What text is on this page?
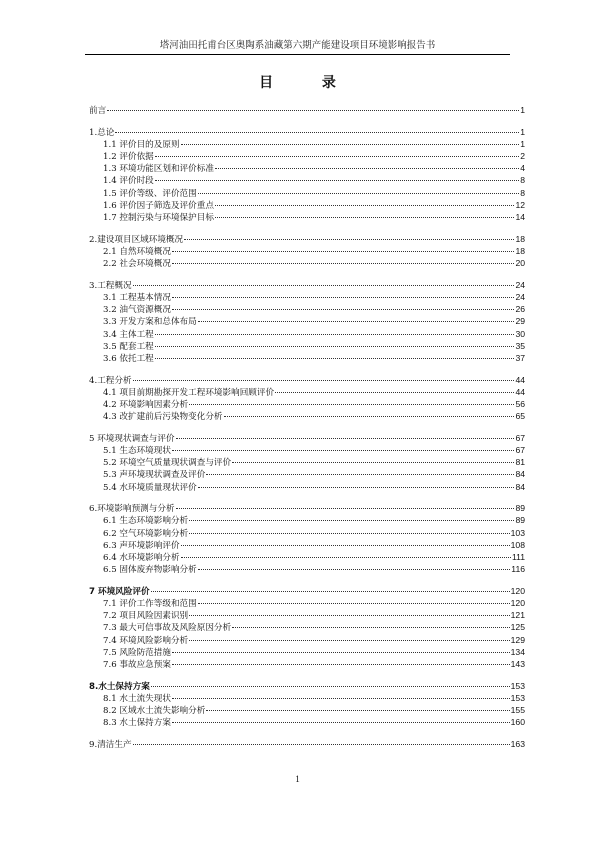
塔河油田托甫台区奥陶系油藏第六期产能建设项目环境影响报告书
目 录
前言	1
1.总论	1
1.1 评价目的及原则	1
1.2 评价依据	2
1.3 环境功能区划和评价标准	4
1.4 评价时段	8
1.5 评价等级、评价范围	8
1.6 评价因子筛选及评价重点	12
1.7 控制污染与环境保护目标	14
2.建设项目区域环境概况	18
2.1 自然环境概况	18
2.2 社会环境概况	20
3.工程概况	24
3.1 工程基本情况	24
3.2 油气资源概况	26
3.3 开发方案和总体布局	29
3.4 主体工程	30
3.5 配套工程	35
3.6 依托工程	37
4.工程分析	44
4.1 项目前期勘探开发工程环境影响回顾评价	44
4.2 环境影响因素分析	56
4.3 改扩建前后污染物变化分析	65
5 环境现状调查与评价	67
5.1 生态环境现状	67
5.2 环境空气质量现状调查与评价	81
5.3 声环境现状调查及评价	84
5.4 水环境质量现状评价	84
6.环境影响预测与分析	89
6.1 生态环境影响分析	89
6.2 空气环境影响分析	103
6.3 声环境影响评价	108
6.4 水环境影响分析	111
6.5 固体废弃物影响分析	116
7 环境风险评价	120
7.1 评价工作等级和范围	120
7.2 项目风险因素识别	121
7.3 最大可信事故及风险原因分析	125
7.4 环境风险影响分析	129
7.5 风险防范措施	134
7.6 事故应急预案	143
8.水土保持方案	153
8.1 水土流失现状	153
8.2 区域水土流失影响分析	155
8.3 水土保持方案	160
9.清洁生产	163
1
